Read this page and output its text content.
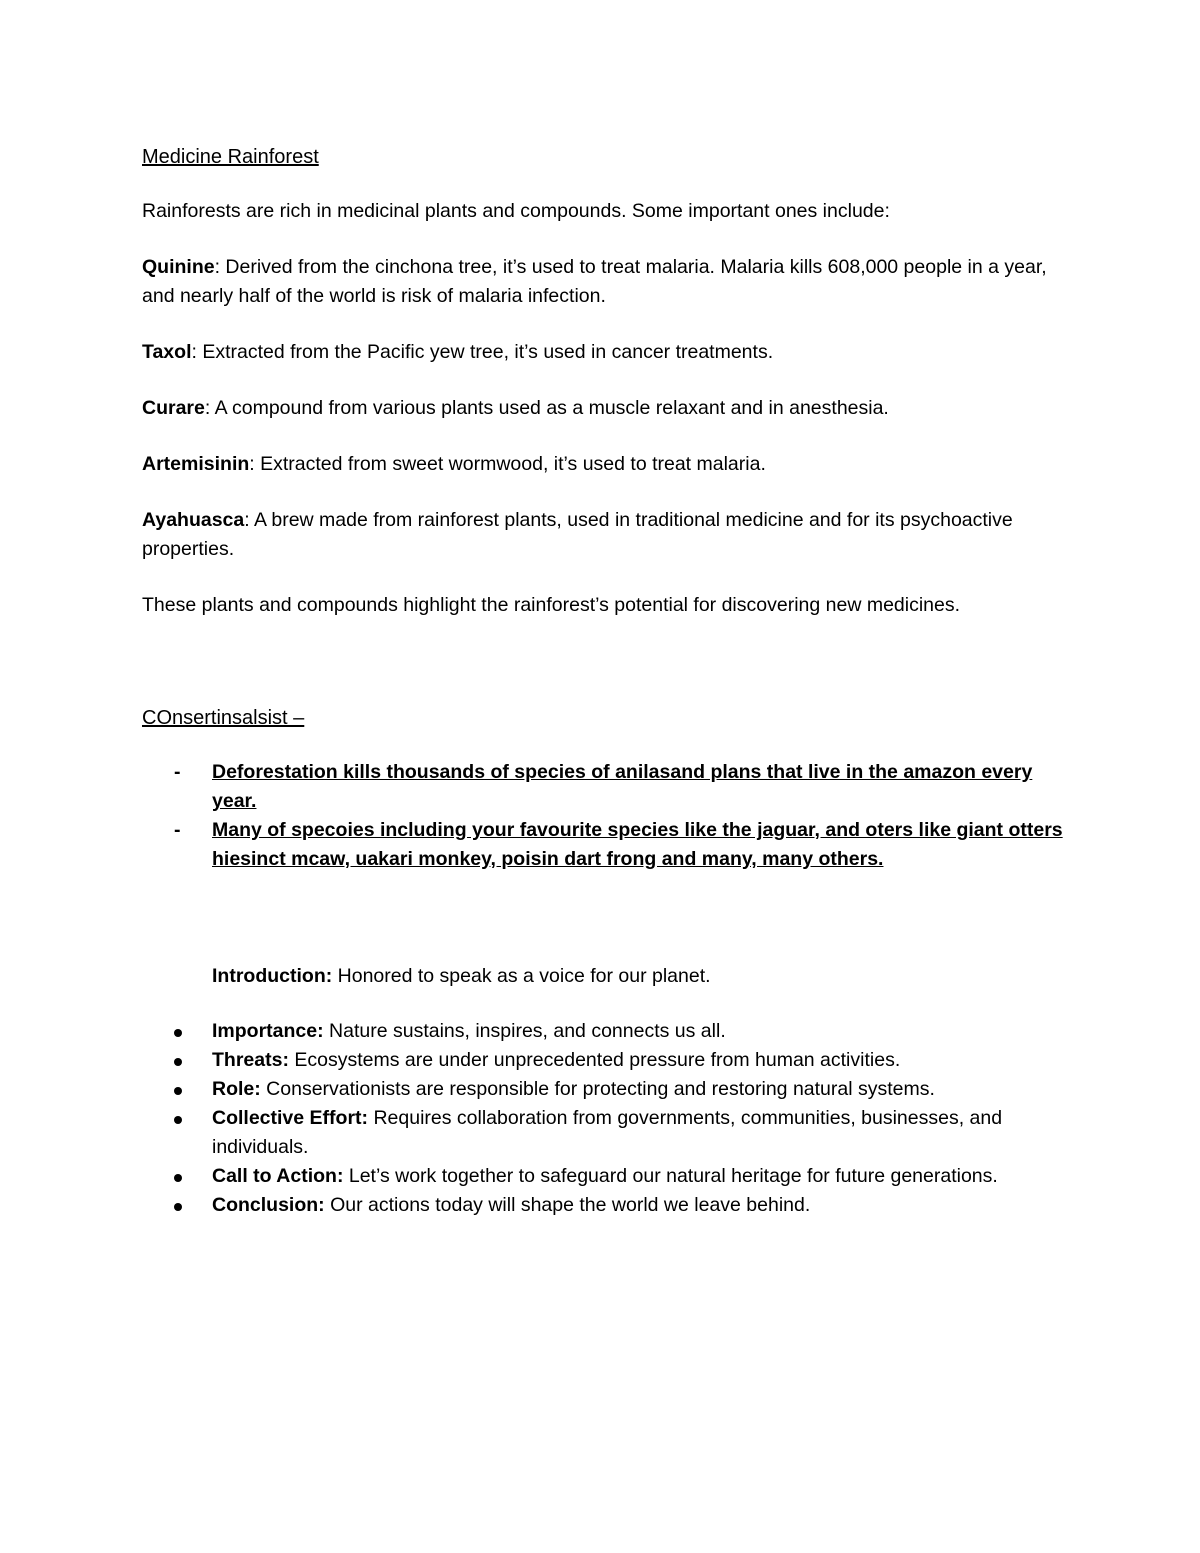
Medicine Rainforest

Rainforests are rich in medicinal plants and compounds. Some important ones include:

Quinine: Derived from the cinchona tree, it’s used to treat malaria. Malaria kills 608,000 people in a year, and nearly half of the world is risk of malaria infection.

Taxol: Extracted from the Pacific yew tree, it’s used in cancer treatments.

Curare: A compound from various plants used as a muscle relaxant and in anesthesia.

Artemisinin: Extracted from sweet wormwood, it’s used to treat malaria.

Ayahuasca: A brew made from rainforest plants, used in traditional medicine and for its psychoactive properties.

These plants and compounds highlight the rainforest’s potential for discovering new medicines.

COnsertinsalsist –

- Deforestation kills thousands of species of anilasand plans that live in the amazon every year.
- Many of specoies including your favourite species like the jaguar, and oters like giant otters hiesinct mcaw, uakari monkey, poisin dart frong and many, many others.

Introduction: Honored to speak as a voice for our planet.

Importance: Nature sustains, inspires, and connects us all.
Threats: Ecosystems are under unprecedented pressure from human activities.
Role: Conservationists are responsible for protecting and restoring natural systems.
Collective Effort: Requires collaboration from governments, communities, businesses, and individuals.
Call to Action: Let’s work together to safeguard our natural heritage for future generations.
Conclusion: Our actions today will shape the world we leave behind.
